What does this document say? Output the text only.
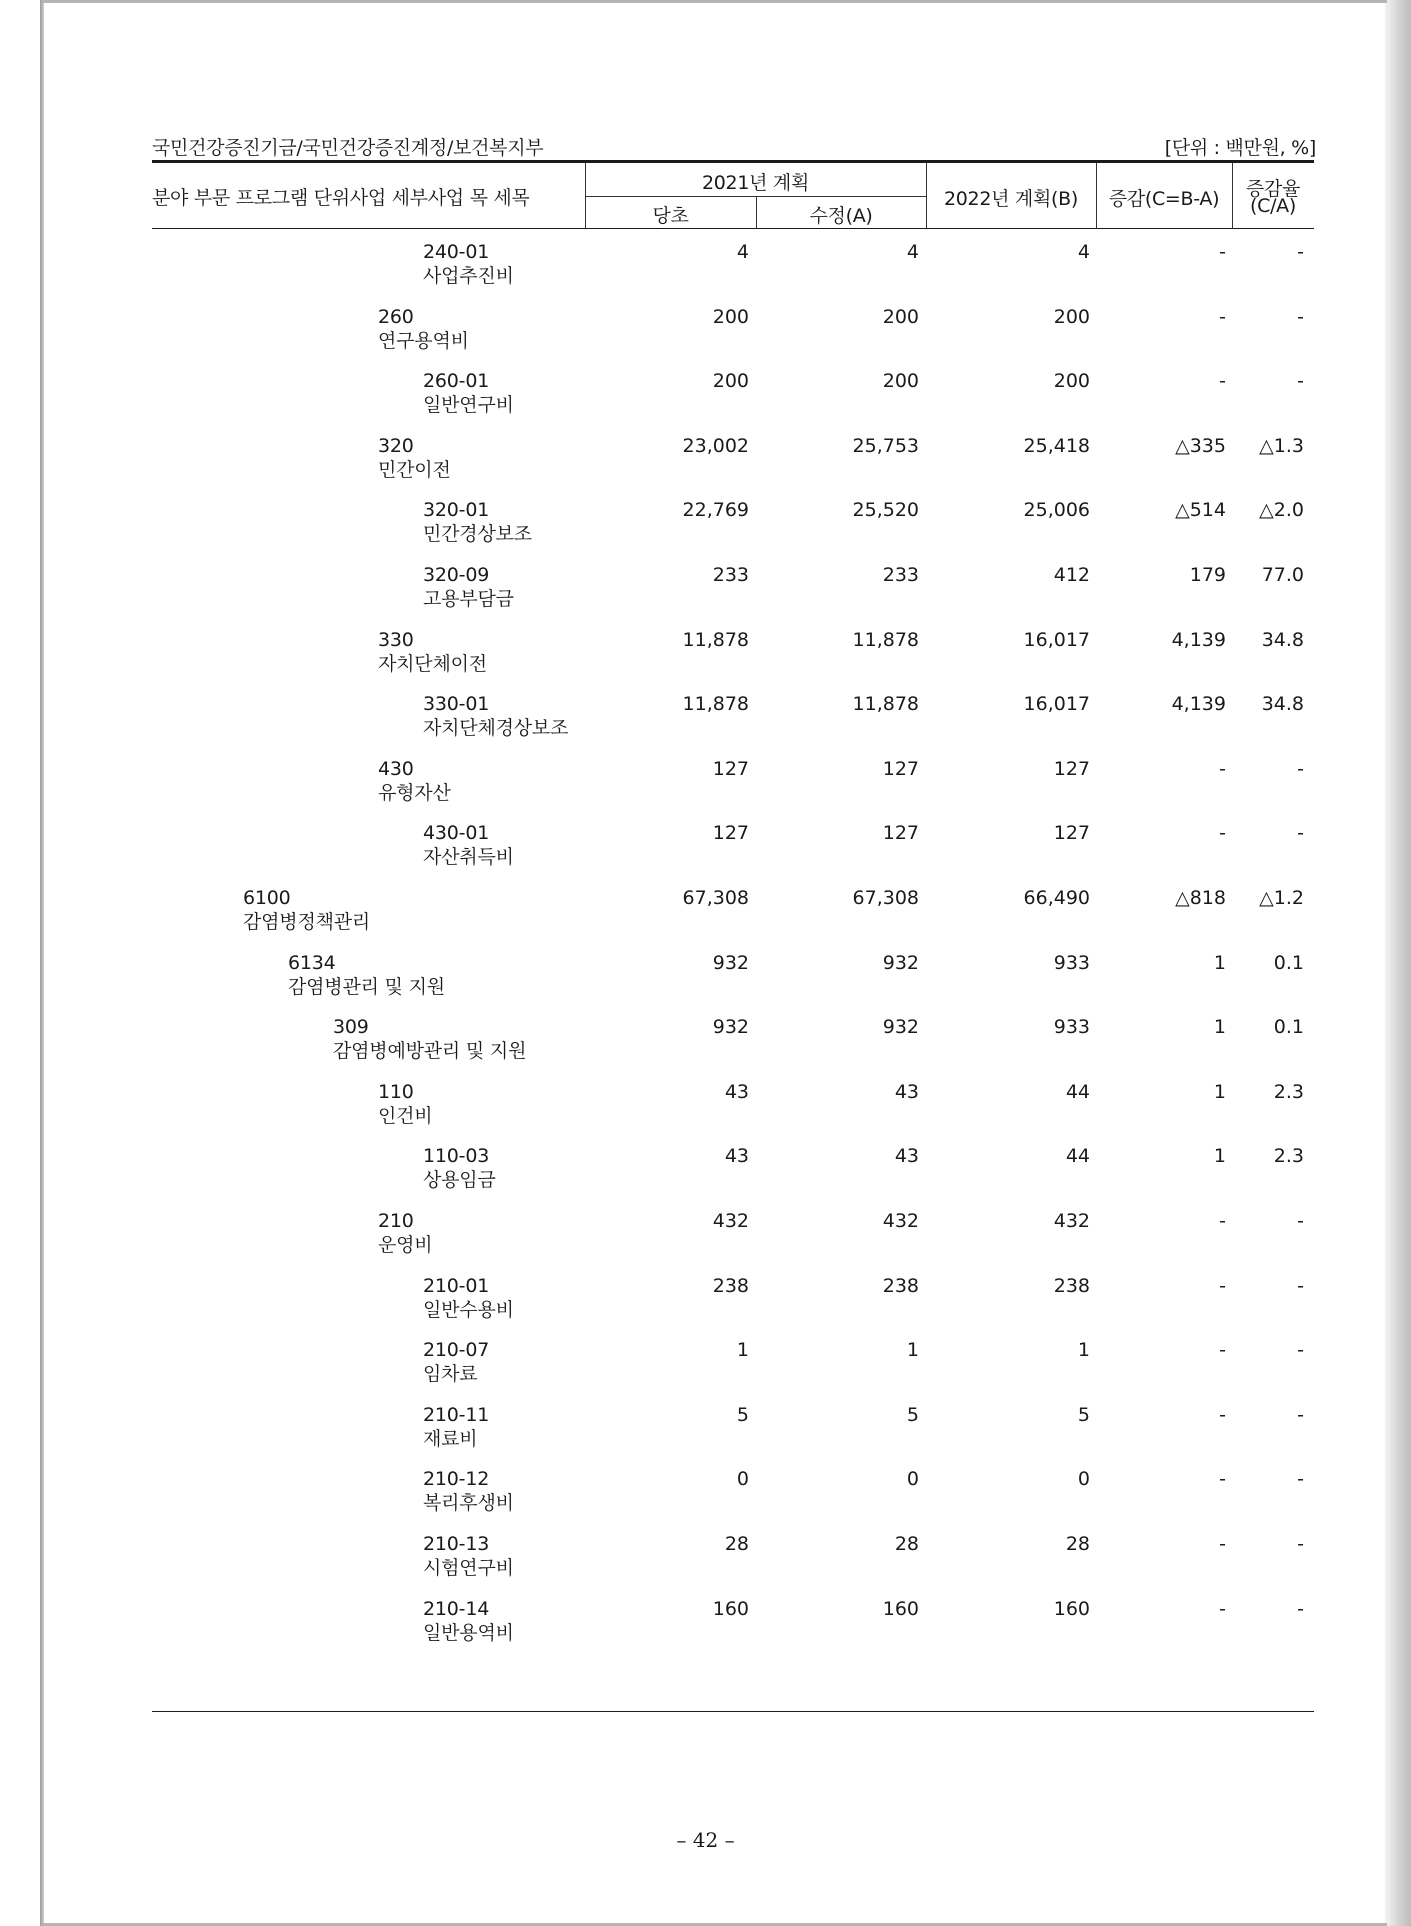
국민건강증진기금/국민건강증진계정/보건복지부	[단위 : 백만원, %]
분야 부문 프로그램 단위사업 세부사업 목 세목
2021년 계획
당초	수정(A)
2022년 계획(B)	증감(C=B-A)	증감율
(C/A)
240-01
사업추진비
4	4	4	-	-
260
연구용역비
200	200	200	-	-
260-01
일반연구비
200	200	200	-	-
320
민간이전
23,002	25,753	25,418	△335 △1.3
320-01
민간경상보조
22,769	25,520	25,006	△514 △2.0
320-09
고용부담금
233	233	412	179 77.0
330
자치단체이전
11,878	11,878	16,017	4,139 34.8
330-01
자치단체경상보조
11,878	11,878	16,017	4,139 34.8
430
유형자산
127	127	127	-	-
430-01
자산취득비
127	127	127	-	-
6100
감염병정책관리
67,308	67,308	66,490	△818 △1.2
6134
감염병관리 및 지원
932	932	933	1	0.1
309
감염병예방관리 및 지원
932	932	933	1	0.1
110
인건비
43	43	44	1	2.3
110-03
상용임금
43	43	44	1	2.3
210
운영비
432	432	432	-	-
210-01
일반수용비
238	238	238	-	-
210-07
임차료
1	1	1	-	-
210-11
재료비
5	5	5	-	-
210-12
복리후생비
0	0	0	-	-
210-13
시험연구비
28	28	28	-	-
210-14
일반용역비
160	160	160	-	-
– 42 –
